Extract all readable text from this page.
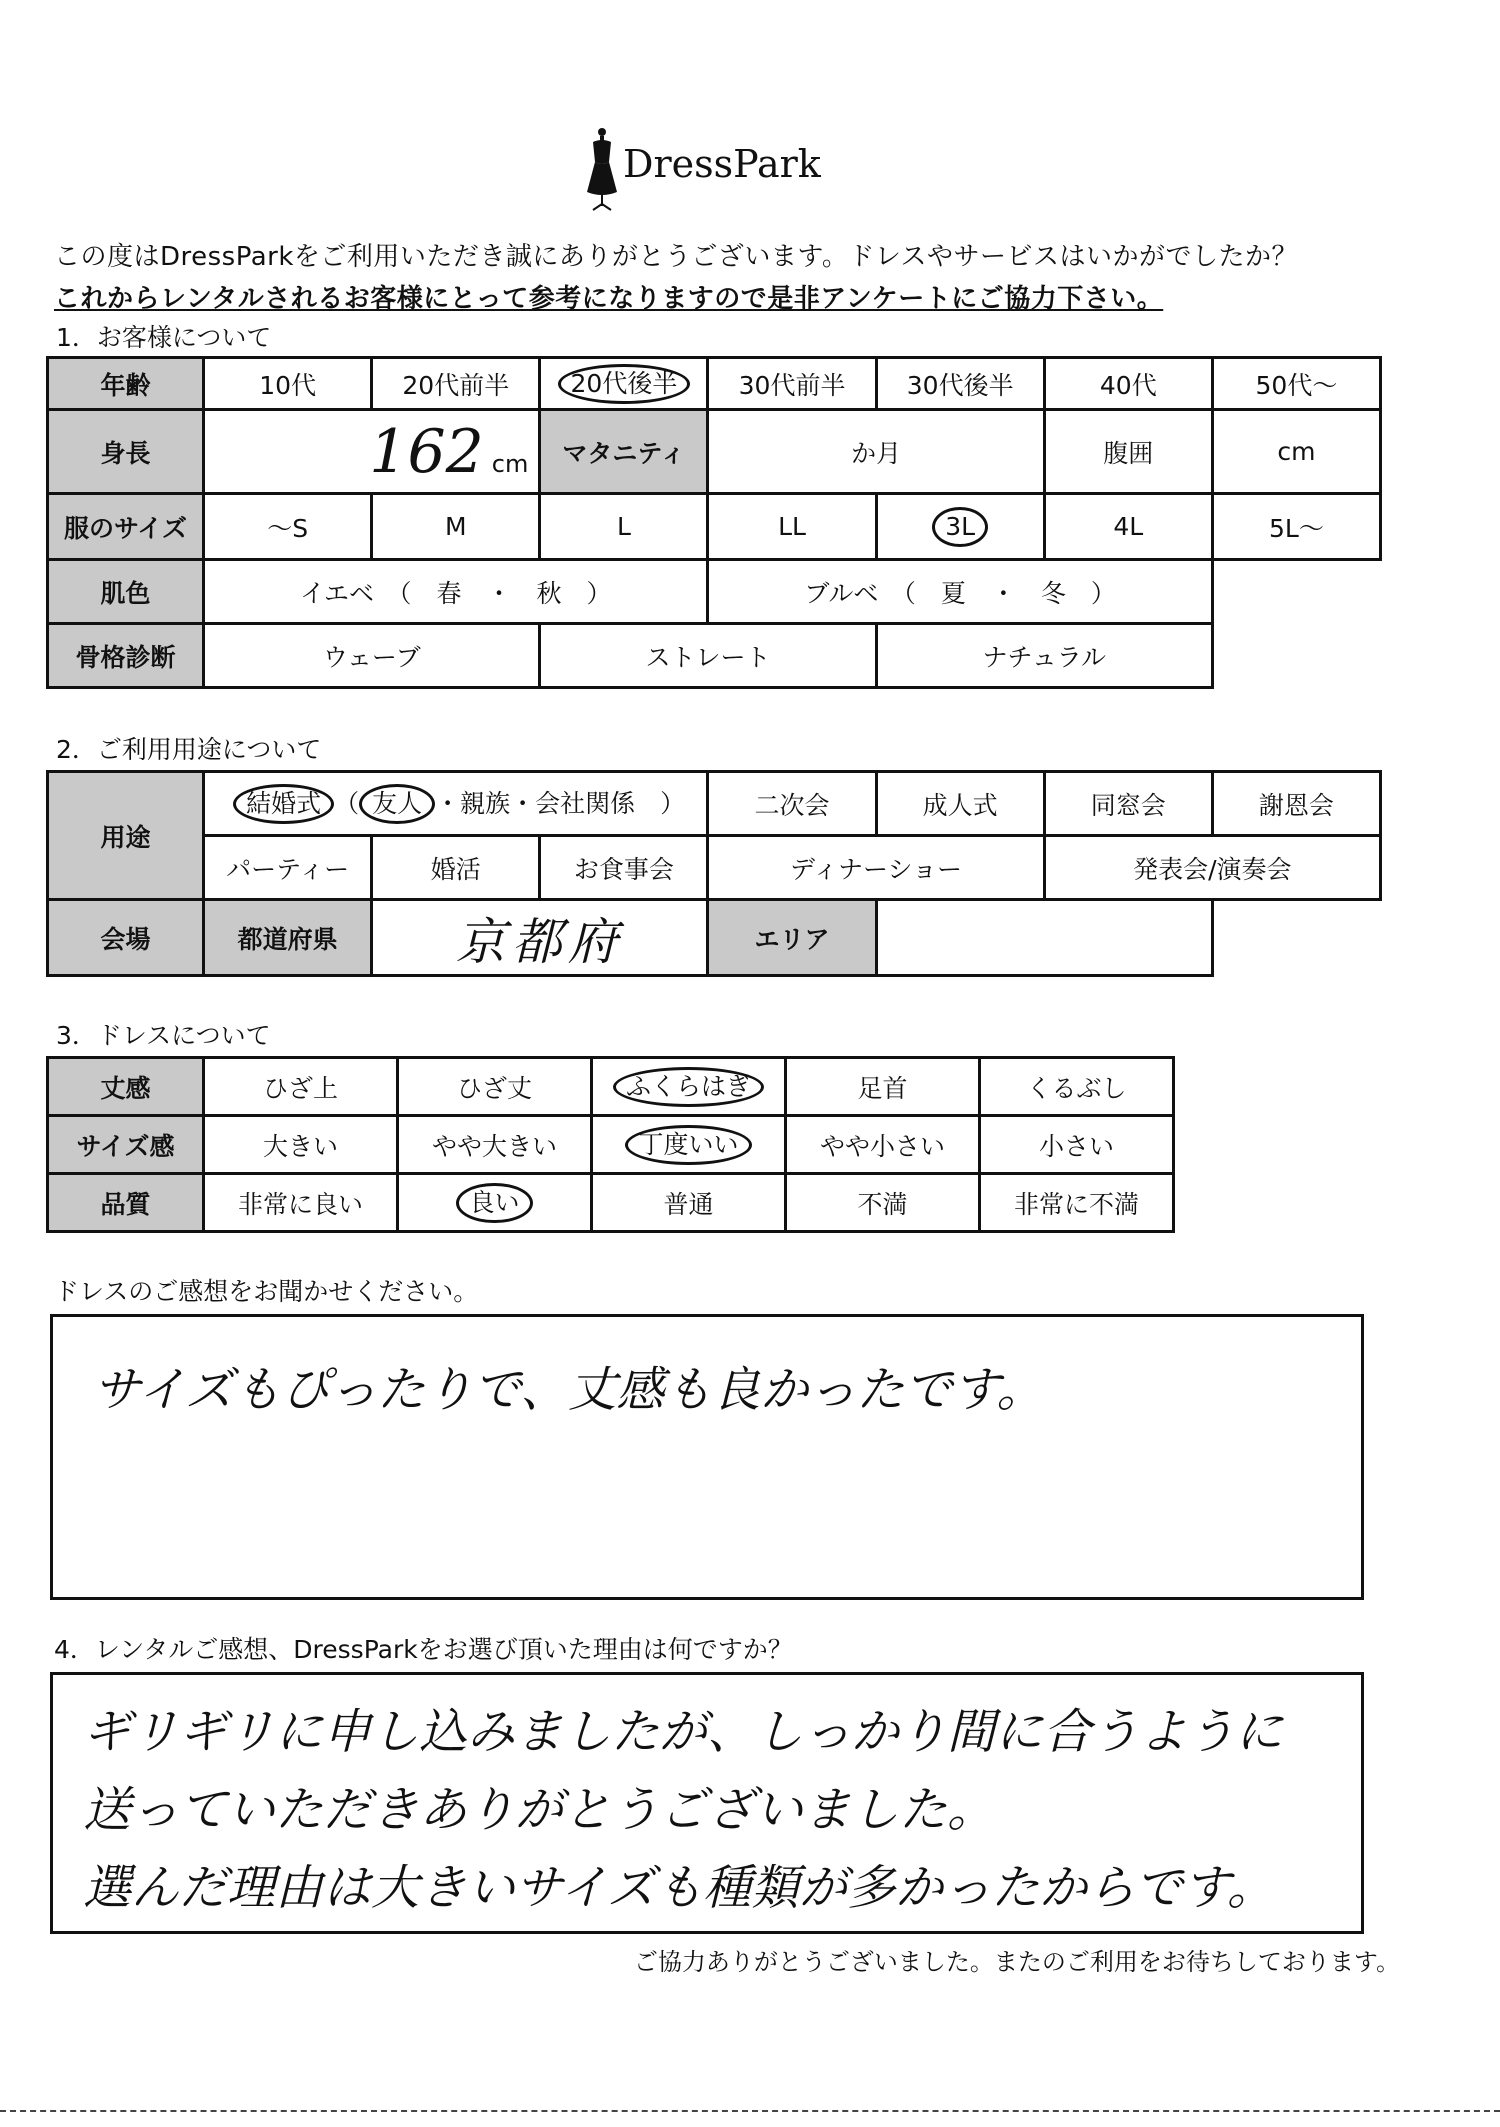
DressPark
この度はDressParkをご利用いただき誠にありがとうございます。ドレスやサービスはいかがでしたか？
これからレンタルされるお客様にとって参考になりますので是非アンケートにご協力下さい。
1．お客様について
年齢	10代	20代前半	20代後半	30代前半	30代後半	40代	50代～
身長	162 cm		マタニティ	か月		腹囲	cm
服のサイズ	～S	M	L	LL	3L	4L	5L～
肌色	イエベ　（　春　・　秋　）			ブルベ　（　夏　・　冬　）			
骨格診断	ウェーブ		ストレート		ナチュラル		
2．ご利用用途について
用途	結婚式 （ 友人 ・親族・会社関係　）			二次会	成人式	同窓会	謝恩会
	パーティー	婚活	お食事会	ディナーショー		発表会/演奏会	
会場	都道府県	京都府		エリア			
3．ドレスについて
丈感	ひざ上	ひざ丈	ふくらはぎ	足首	くるぶし
サイズ感	大きい	やや大きい	丁度いい	やや小さい	小さい
品質	非常に良い	良い	普通	不満	非常に不満
ドレスのご感想をお聞かせください。
サイズもぴったりで、丈感も良かったです。
4．レンタルご感想、DressParkをお選び頂いた理由は何ですか？
ギリギリに申し込みましたが、しっかり間に合うように
送っていただきありがとうございました。
選んだ理由は大きいサイズも種類が多かったからです。
ご協力ありがとうございました。またのご利用をお待ちしております。
